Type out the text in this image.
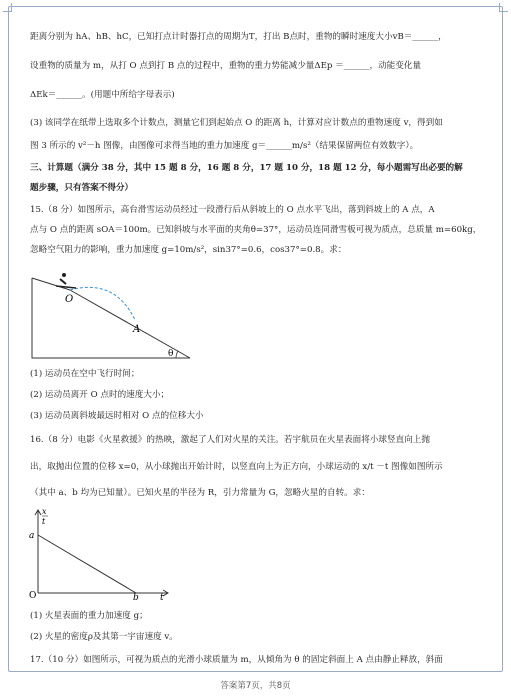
距离分别为 hA、hB、hC，已知打点计时器打点的周期为T，打出 B点时，重物的瞬时速度大小vB＝______，
设重物的质量为 m，从打 O 点到打 B 点的过程中，重物的重力势能减少量ΔEp ＝______，动能变化量
ΔEk＝______。(用题中所给字母表示)
(3) 该同学在纸带上选取多个计数点，测量它们到起始点 O 的距离 h，计算对应计数点的重物速度 v，得到如
图 3 所示的 v²－h 图像，由图像可求得当地的重力加速度 g＝______m/s²（结果保留两位有效数字）。
三、计算题（满分 38 分，其中 15 题 8 分，16 题 8 分，17 题 10 分，18 题 12 分，每小题需写出必要的解
题步骤，只有答案不得分）
15.（8 分）如图所示，高台滑雪运动员经过一段滑行后从斜坡上的 O 点水平飞出，落到斜坡上的 A 点，A
点与 O 点的距离 sOA＝100m。已知斜坡与水平面的夹角θ=37°，运动员连同滑雪板可视为质点，总质量 m=60kg，
忽略空气阻力的影响，重力加速度 g=10m/s²，sin37°=0.6，cos37°=0.8。求：
O
A
θ
(1) 运动员在空中飞行时间；
(2) 运动员离开 O 点时的速度大小；
(3) 运动员离斜坡最远时相对 O 点的位移大小
16.（8 分）电影《火星救援》的热映，激起了人们对火星的关注。若宇航员在火星表面将小球竖直向上抛
出，取抛出位置的位移 x=0，从小球抛出开始计时，以竖直向上为正方向，小球运动的 x/t －t 图像如图所示
（其中 a、b 均为已知量）。已知火星的半径为 R，引力常量为 G，忽略火星的自转。求：
x
t
a
O	b t
(1) 火星表面的重力加速度 g；
(2) 火星的密度ρ及其第一宇宙速度 v。
17.（10 分）如图所示，可视为质点的光滑小球质量为 m，从倾角为 θ 的固定斜面上 A 点由静止释放，斜面
答案第7页，共8页
